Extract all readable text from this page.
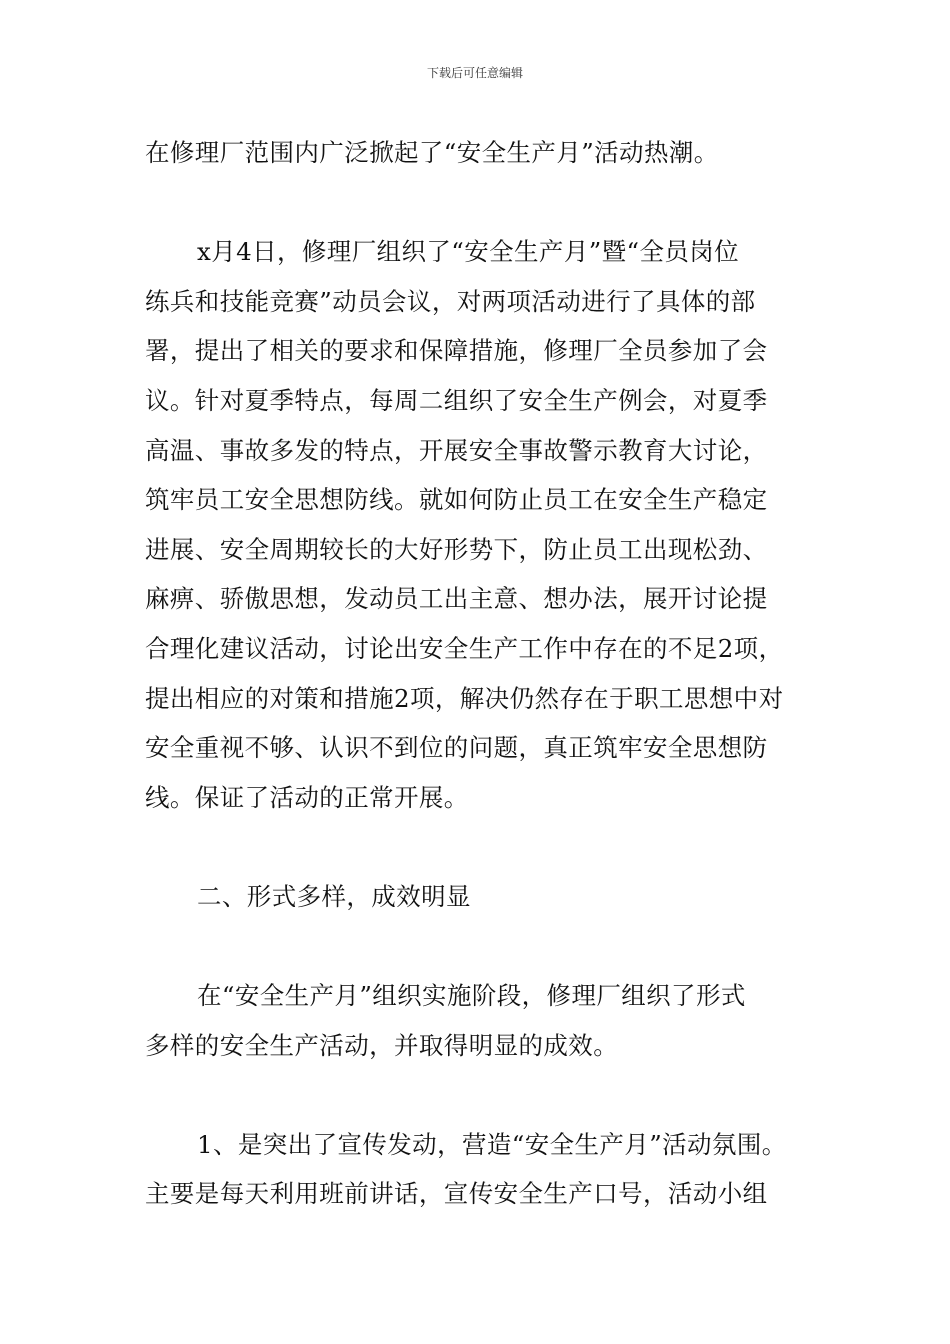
下载后可任意编辑
在修理厂范围内广泛掀起了“安全生产月”活动热潮。
x月4日，修理厂组织了“安全生产月”暨“全员岗位
练兵和技能竞赛”动员会议，对两项活动进行了具体的部
署，提出了相关的要求和保障措施，修理厂全员参加了会
议。针对夏季特点，每周二组织了安全生产例会，对夏季
高温、事故多发的特点，开展安全事故警示教育大讨论，
筑牢员工安全思想防线。就如何防止员工在安全生产稳定
进展、安全周期较长的大好形势下，防止员工出现松劲、
麻痹、骄傲思想，发动员工出主意、想办法，展开讨论提
合理化建议活动，讨论出安全生产工作中存在的不足2项，
提出相应的对策和措施2项，解决仍然存在于职工思想中对
安全重视不够、认识不到位的问题，真正筑牢安全思想防
线。保证了活动的正常开展。
二、形式多样，成效明显
在“安全生产月”组织实施阶段，修理厂组织了形式
多样的安全生产活动，并取得明显的成效。
1、是突出了宣传发动，营造“安全生产月”活动氛围。
主要是每天利用班前讲话，宣传安全生产口号，活动小组
